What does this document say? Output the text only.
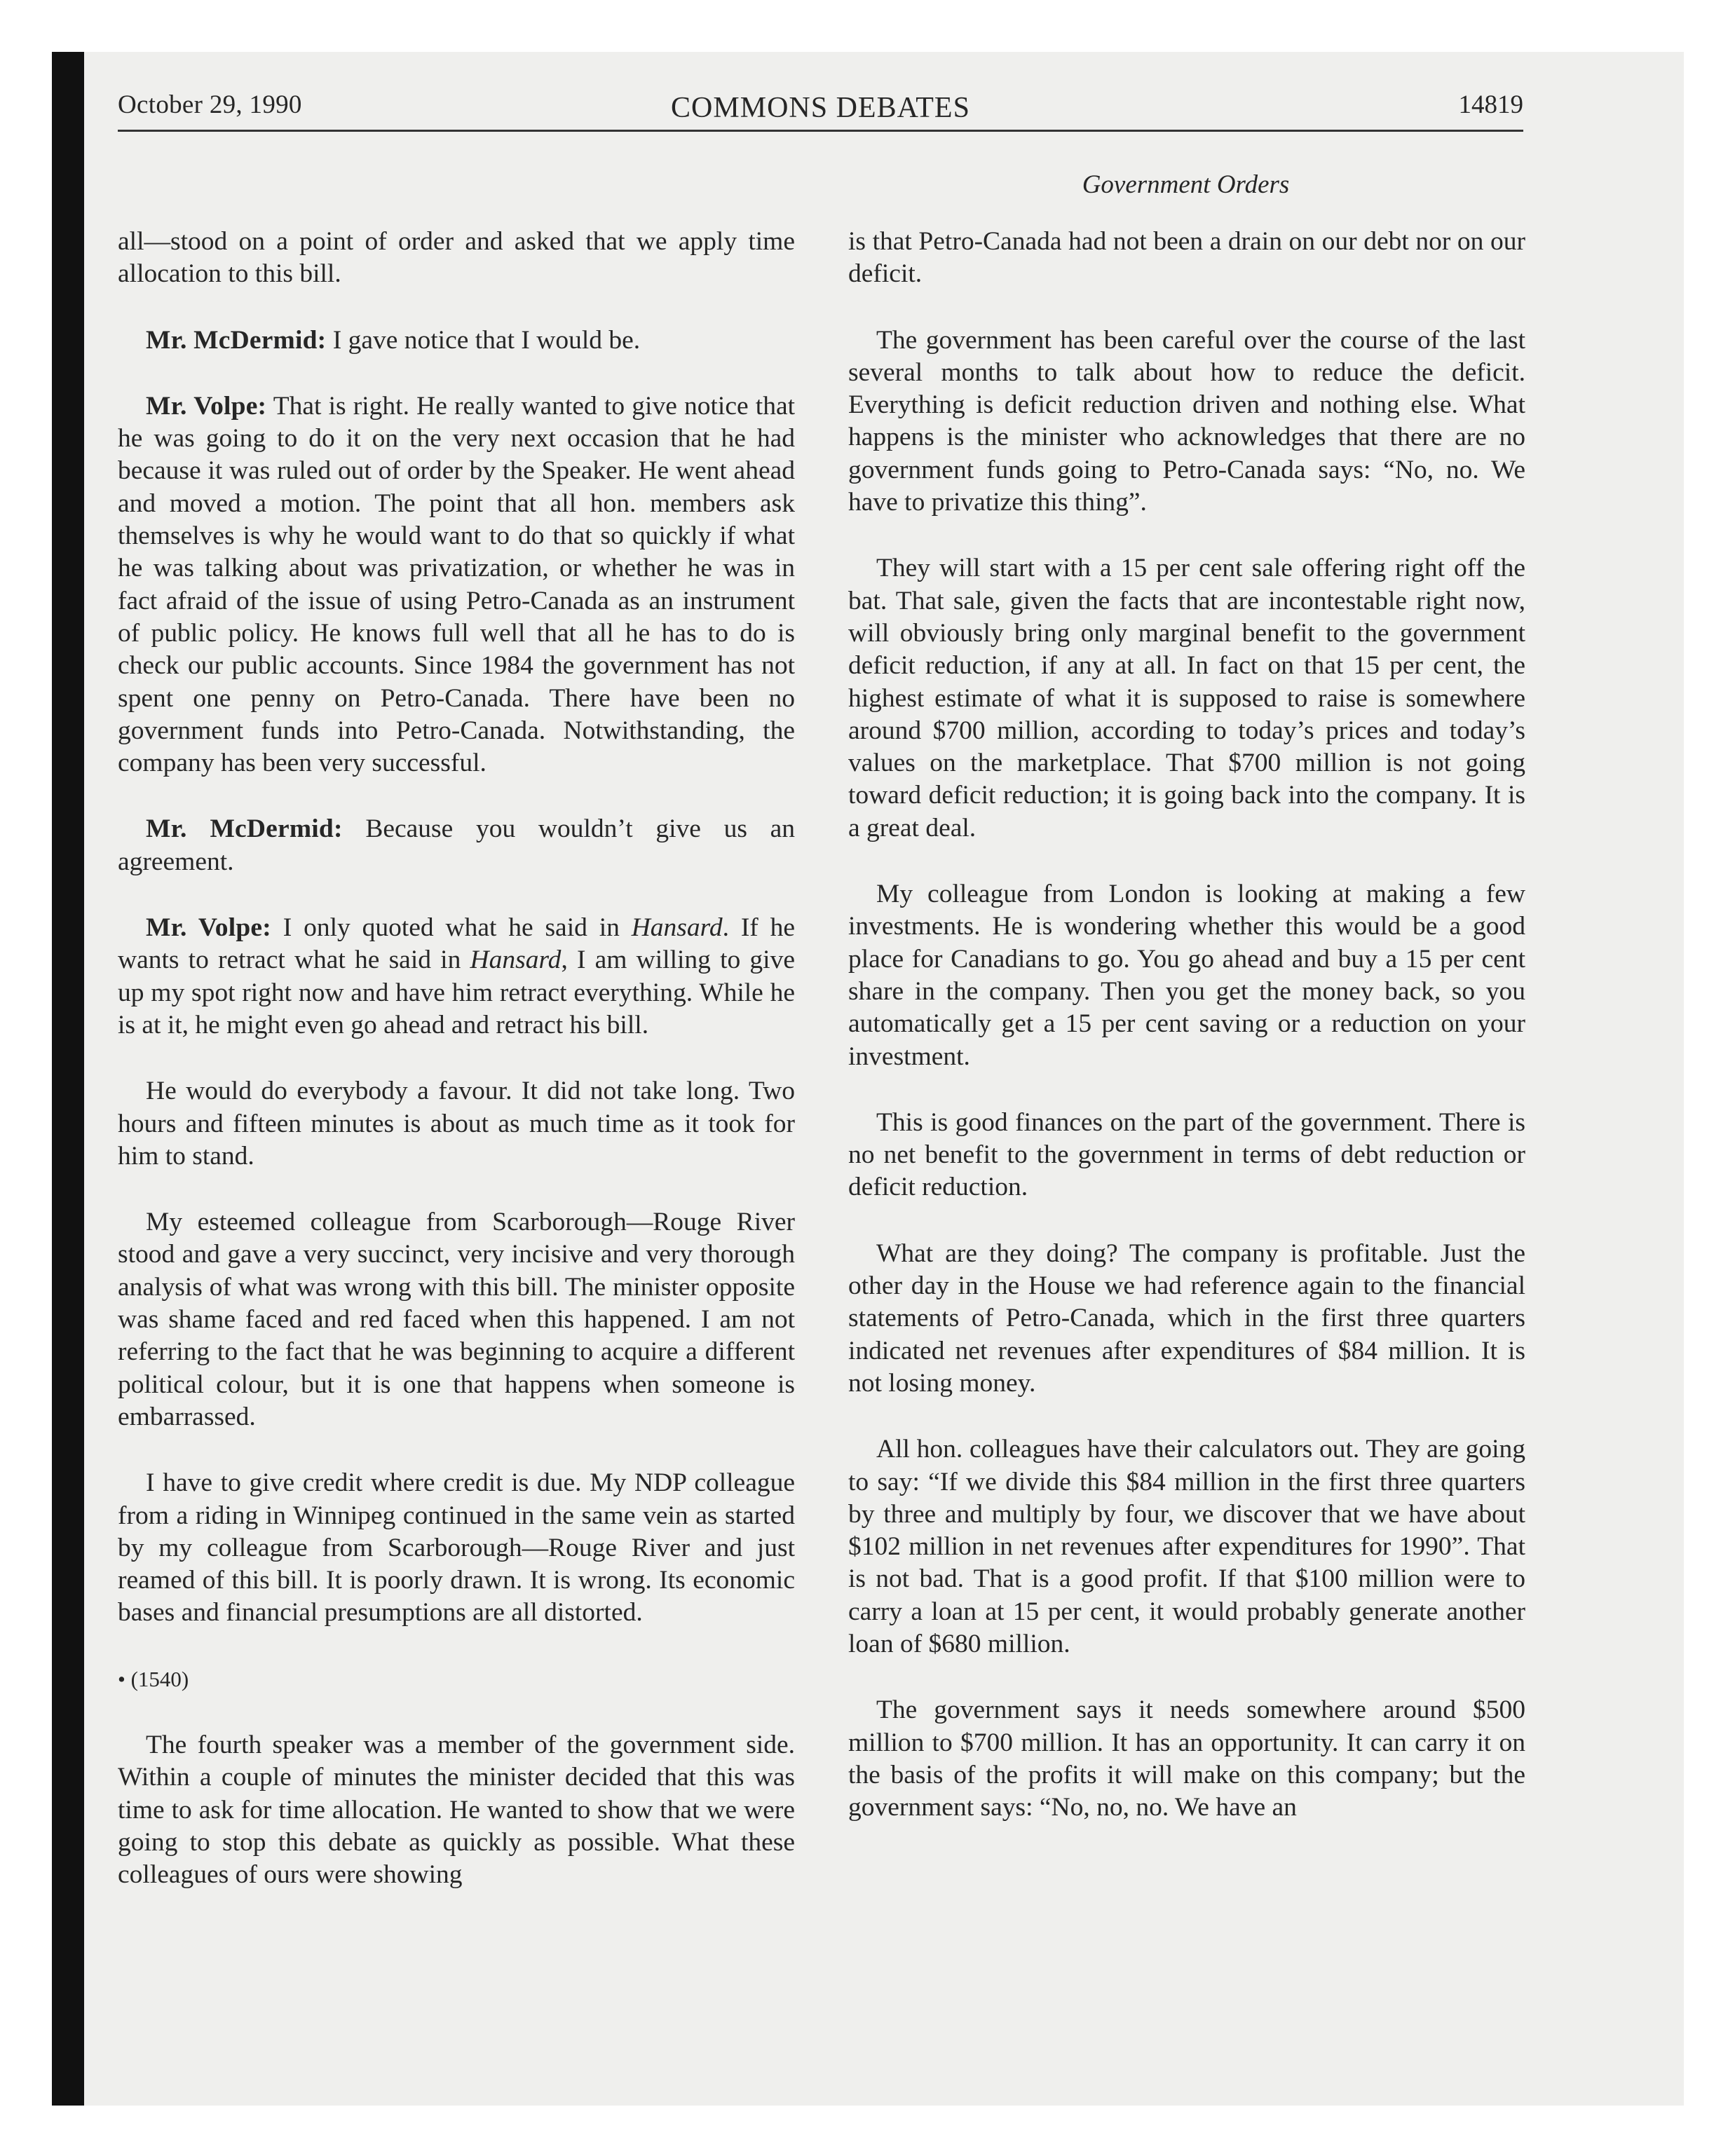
October 29, 1990	COMMONS DEBATES	14819
Government Orders

all—stood on a point of order and asked that we apply time allocation to this bill.

Mr. McDermid: I gave notice that I would be.

Mr. Volpe: That is right. He really wanted to give notice that he was going to do it on the very next occasion that he had because it was ruled out of order by the Speaker. He went ahead and moved a motion. The point that all hon. members ask themselves is why he would want to do that so quickly if what he was talking about was privatization, or whether he was in fact afraid of the issue of using Petro-Canada as an instrument of public policy. He knows full well that all he has to do is check our public accounts. Since 1984 the government has not spent one penny on Petro-Canada. There have been no government funds into Petro-Canada. Notwithstanding, the company has been very successful.

Mr. McDermid: Because you wouldn’t give us an agreement.

Mr. Volpe: I only quoted what he said in Hansard. If he wants to retract what he said in Hansard, I am willing to give up my spot right now and have him retract everything. While he is at it, he might even go ahead and retract his bill.

He would do everybody a favour. It did not take long. Two hours and fifteen minutes is about as much time as it took for him to stand.

My esteemed colleague from Scarborough—Rouge River stood and gave a very succinct, very incisive and very thorough analysis of what was wrong with this bill. The minister opposite was shame faced and red faced when this happened. I am not referring to the fact that he was beginning to acquire a different political colour, but it is one that happens when someone is embarrassed.

I have to give credit where credit is due. My NDP colleague from a riding in Winnipeg continued in the same vein as started by my colleague from Scarborough—Rouge River and just reamed of this bill. It is poorly drawn. It is wrong. Its economic bases and financial presumptions are all distorted.

• (1540)

The fourth speaker was a member of the government side. Within a couple of minutes the minister decided that this was time to ask for time allocation. He wanted to show that we were going to stop this debate as quickly as possible. What these colleagues of ours were showing

is that Petro-Canada had not been a drain on our debt nor on our deficit.

The government has been careful over the course of the last several months to talk about how to reduce the deficit. Everything is deficit reduction driven and nothing else. What happens is the minister who acknowledges that there are no government funds going to Petro-Canada says: “No, no. We have to privatize this thing”.

They will start with a 15 per cent sale offering right off the bat. That sale, given the facts that are incontestable right now, will obviously bring only marginal benefit to the government deficit reduction, if any at all. In fact on that 15 per cent, the highest estimate of what it is supposed to raise is somewhere around $700 million, according to today’s prices and today’s values on the marketplace. That $700 million is not going toward deficit reduction; it is going back into the company. It is a great deal.

My colleague from London is looking at making a few investments. He is wondering whether this would be a good place for Canadians to go. You go ahead and buy a 15 per cent share in the company. Then you get the money back, so you automatically get a 15 per cent saving or a reduction on your investment.

This is good finances on the part of the government. There is no net benefit to the government in terms of debt reduction or deficit reduction.

What are they doing? The company is profitable. Just the other day in the House we had reference again to the financial statements of Petro-Canada, which in the first three quarters indicated net revenues after expenditures of $84 million. It is not losing money.

All hon. colleagues have their calculators out. They are going to say: “If we divide this $84 million in the first three quarters by three and multiply by four, we discover that we have about $102 million in net revenues after expenditures for 1990”. That is not bad. That is a good profit. If that $100 million were to carry a loan at 15 per cent, it would probably generate another loan of $680 million.

The government says it needs somewhere around $500 million to $700 million. It has an opportunity. It can carry it on the basis of the profits it will make on this company; but the government says: “No, no, no. We have an
